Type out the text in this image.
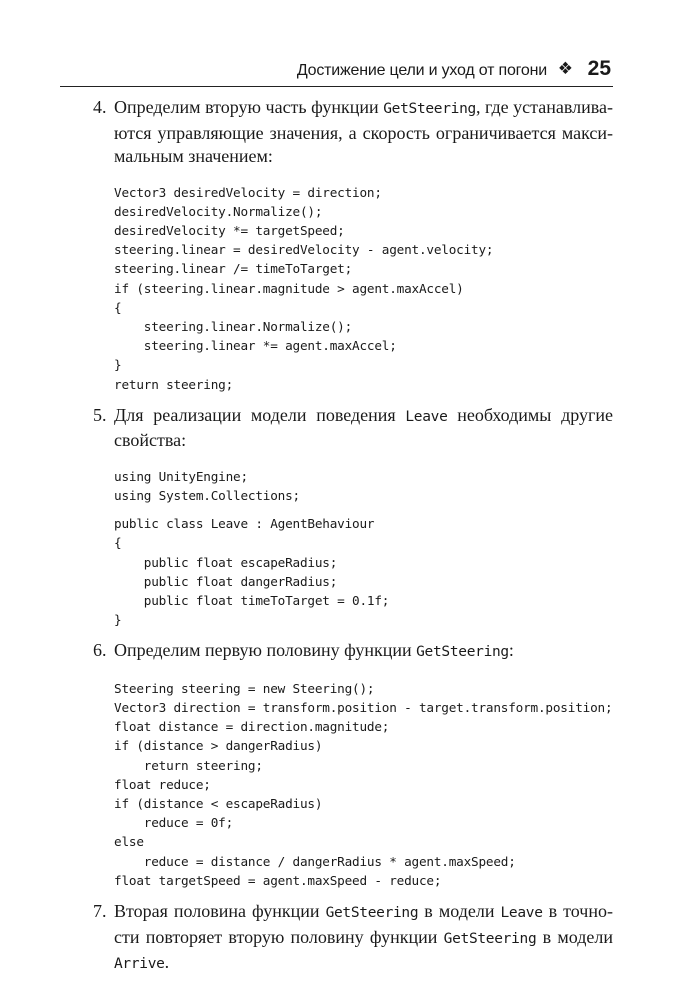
Достижение цели и уход от погони ❖ 25
4. Определим вторую часть функции GetSteering, где устанавливаются управляющие значения, а скорость ограничивается максимальным значением:

Vector3 desiredVelocity = direction;
desiredVelocity.Normalize();
desiredVelocity *= targetSpeed;
steering.linear = desiredVelocity - agent.velocity;
steering.linear /= timeToTarget;
if (steering.linear.magnitude > agent.maxAccel)
{
steering.linear.Normalize();
steering.linear *= agent.maxAccel;
}
return steering;
5. Для реализации модели поведения Leave необходимы другие свойства:

using UnityEngine;
using System.Collections;
public class Leave : AgentBehaviour
{
public float escapeRadius;
public float dangerRadius;
public float timeToTarget = 0.1f;
}
6. Определим первую половину функции GetSteering:

Steering steering = new Steering();
Vector3 direction = transform.position - target.transform.position;
float distance = direction.magnitude;
if (distance > dangerRadius)
return steering;
float reduce;
if (distance < escapeRadius)
reduce = 0f;
else
reduce = distance / dangerRadius * agent.maxSpeed;
float targetSpeed = agent.maxSpeed - reduce;
7. Вторая половина функции GetSteering в модели Leave в точности повторяет вторую половину функции GetSteering в модели Arrive.
